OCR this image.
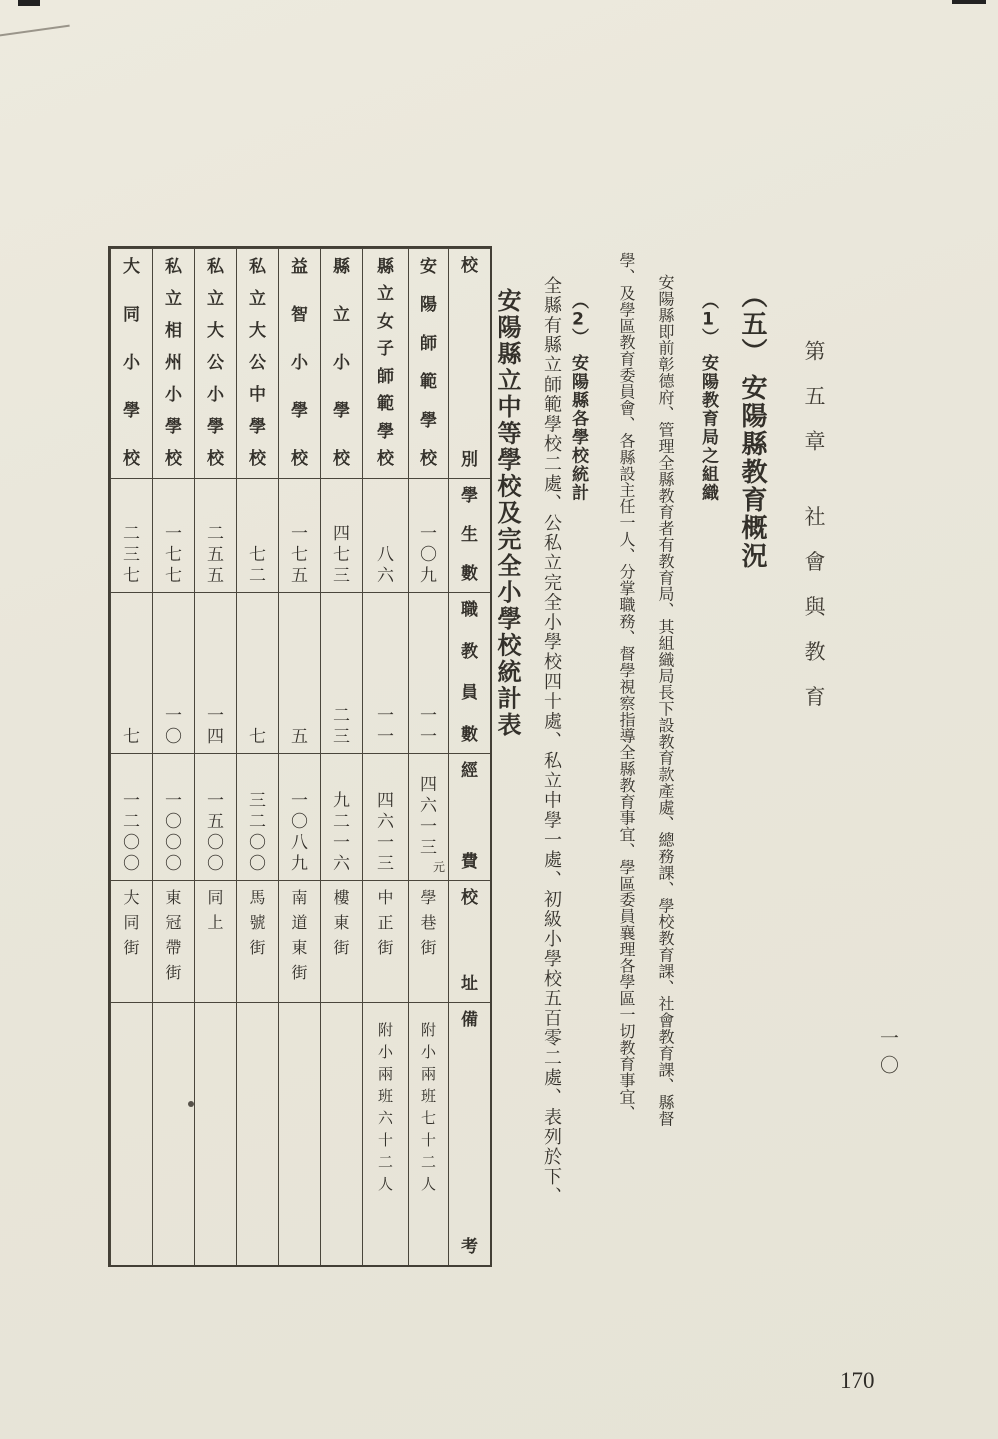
第五章 社會與教育
一〇
170
（五）安陽縣教育概況
（1）安陽教育局之組織
安陽縣即前彰德府、管理全縣教育者有教育局、其組織局長下設教育款產處、總務課、學校教育課、社會教育課、縣督
學、及學區教育委員會、各縣設主任一人、分掌職務、督學視察指導全縣教育事宜、學區委員襄理各學區一切教育事宜、
（2）安陽縣各學校統計
全縣有縣立師範學校二處、公私立完全小學校四十處、私立中學一處、初級小學校五百零二處、表列於下、
安陽縣立中等學校及完全小學校統計表
校
別
學
生
數
職
教
員
數
經
費
校
址
備
考
安
陽
師
範
學
校
一
〇
九
一
一
四
六
一
三
元
學
巷
街
附
小
兩
班
七
十
二
人
縣
立
女
子
師
範
學
校
八
六
一
一
四
六
一
三
中
正
街
附
小
兩
班
六
十
二
人
縣
立
小
學
校
四
七
三
二
三
九
二
一
六
樓
東
街
益
智
小
學
校
一
七
五
五
一
〇
八
九
南
道
東
街
私
立
大
公
中
學
校
七
二
七
三
二
〇
〇
馬
號
街
私
立
大
公
小
學
校
二
五
五
一
四
一
五
〇
〇
同
上
私
立
相
州
小
學
校
一
七
七
一
〇
一
〇
〇
〇
東
冠
帶
街
大
同
小
學
校
二
三
七
七
一
二
〇
〇
大
同
街
